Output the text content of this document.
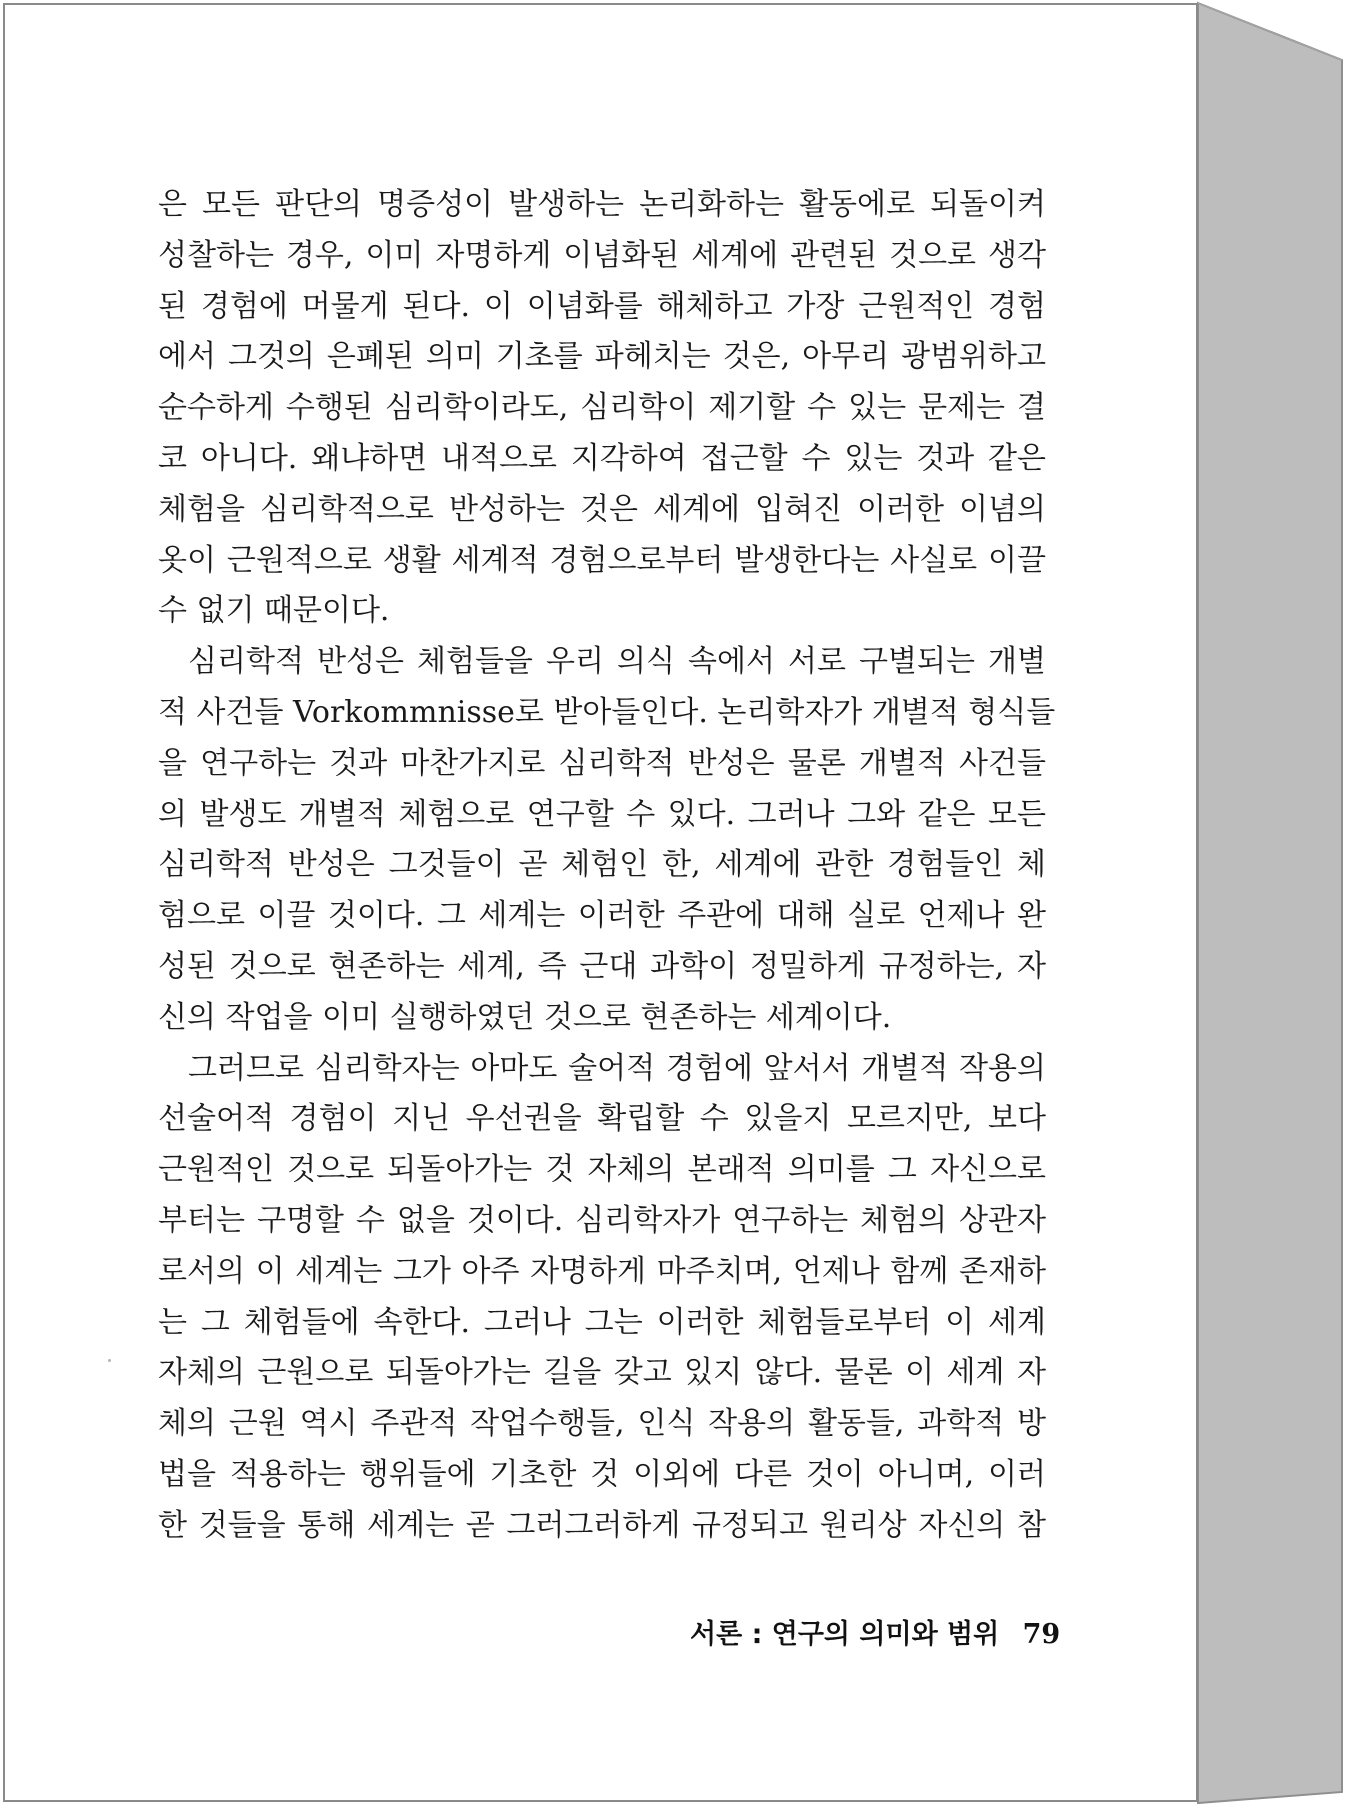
은 모든 판단의 명증성이 발생하는 논리화하는 활동에로 되돌이켜
성찰하는 경우, 이미 자명하게 이념화된 세계에 관련된 것으로 생각
된 경험에 머물게 된다. 이 이념화를 해체하고 가장 근원적인 경험
에서 그것의 은폐된 의미 기초를 파헤치는 것은, 아무리 광범위하고
순수하게 수행된 심리학이라도, 심리학이 제기할 수 있는 문제는 결
코 아니다. 왜냐하면 내적으로 지각하여 접근할 수 있는 것과 같은
체험을 심리학적으로 반성하는 것은 세계에 입혀진 이러한 이념의
옷이 근원적으로 생활 세계적 경험으로부터 발생한다는 사실로 이끌
수 없기 때문이다.
심리학적 반성은 체험들을 우리 의식 속에서 서로 구별되는 개별
적 사건들 Vorkommnisse로 받아들인다. 논리학자가 개별적 형식들
을 연구하는 것과 마찬가지로 심리학적 반성은 물론 개별적 사건들
의 발생도 개별적 체험으로 연구할 수 있다. 그러나 그와 같은 모든
심리학적 반성은 그것들이 곧 체험인 한, 세계에 관한 경험들인 체
험으로 이끌 것이다. 그 세계는 이러한 주관에 대해 실로 언제나 완
성된 것으로 현존하는 세계, 즉 근대 과학이 정밀하게 규정하는, 자
신의 작업을 이미 실행하였던 것으로 현존하는 세계이다.
그러므로 심리학자는 아마도 술어적 경험에 앞서서 개별적 작용의
선술어적 경험이 지닌 우선권을 확립할 수 있을지 모르지만, 보다
근원적인 것으로 되돌아가는 것 자체의 본래적 의미를 그 자신으로
부터는 구명할 수 없을 것이다. 심리학자가 연구하는 체험의 상관자
로서의 이 세계는 그가 아주 자명하게 마주치며, 언제나 함께 존재하
는 그 체험들에 속한다. 그러나 그는 이러한 체험들로부터 이 세계
자체의 근원으로 되돌아가는 길을 갖고 있지 않다. 물론 이 세계 자
체의 근원 역시 주관적 작업수행들, 인식 작용의 활동들, 과학적 방
법을 적용하는 행위들에 기초한 것 이외에 다른 것이 아니며, 이러
한 것들을 통해 세계는 곧 그러그러하게 규정되고 원리상 자신의 참
서론 : 연구의 의미와 범위 79
